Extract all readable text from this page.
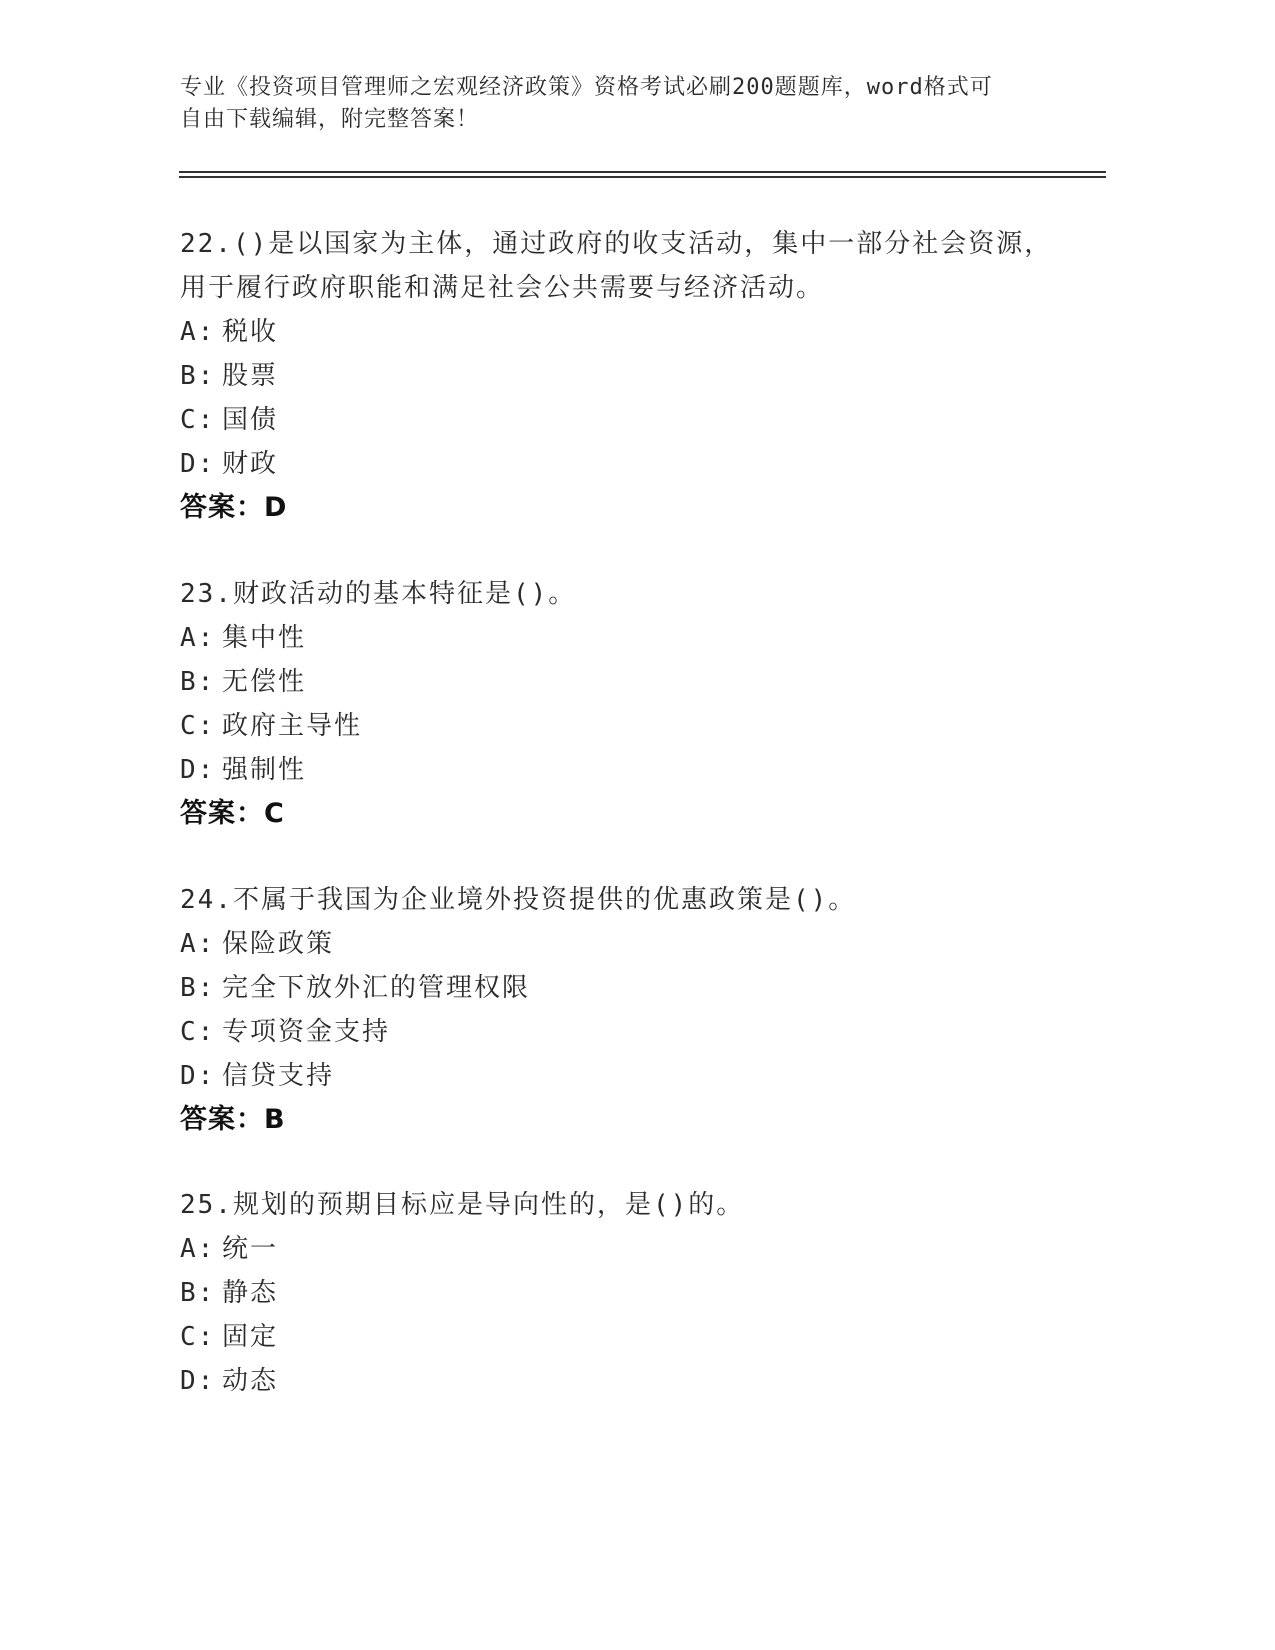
专业《投资项目管理师之宏观经济政策》资格考试必刷200题题库，word格式可
自由下载编辑，附完整答案！
22.()是以国家为主体，通过政府的收支活动，集中一部分社会资源，
用于履行政府职能和满足社会公共需要与经济活动。
A: 税收
B: 股票
C: 国债
D: 财政
答案：D
23.财政活动的基本特征是()。
A: 集中性
B: 无偿性
C: 政府主导性
D: 强制性
答案：C
24.不属于我国为企业境外投资提供的优惠政策是()。
A: 保险政策
B: 完全下放外汇的管理权限
C: 专项资金支持
D: 信贷支持
答案：B
25.规划的预期目标应是导向性的，是()的。
A: 统一
B: 静态
C: 固定
D: 动态
